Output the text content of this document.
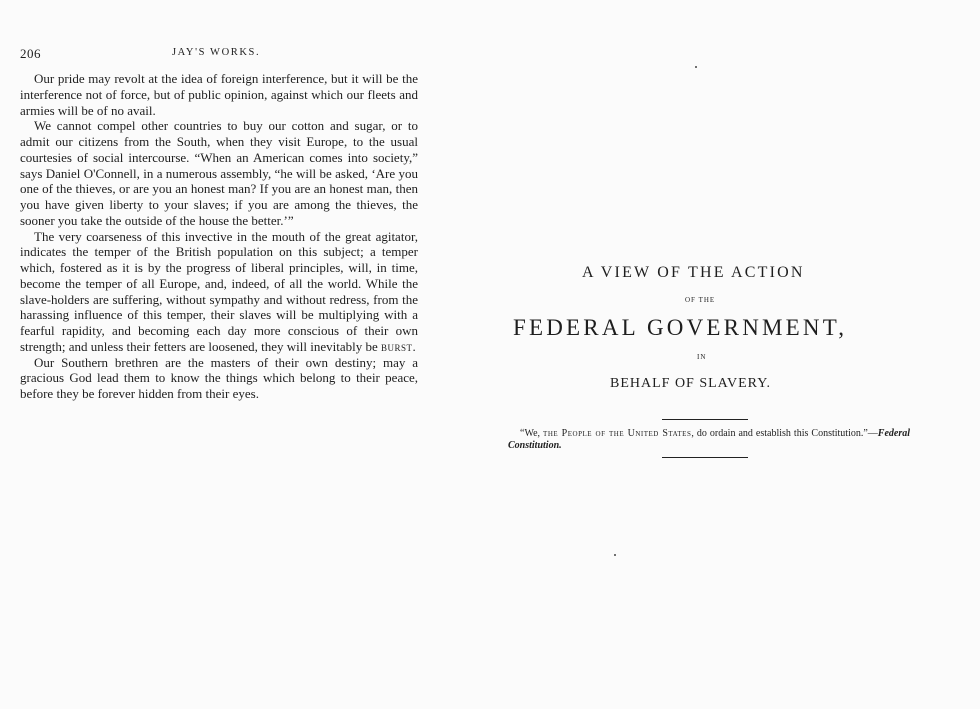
206	JAY'S WORKS.

Our pride may revolt at the idea of foreign interference, but it will be the interference not of force, but of public opinion, against which our fleets and armies will be of no avail.

We cannot compel other countries to buy our cotton and sugar, or to admit our citizens from the South, when they visit Europe, to the usual courtesies of social intercourse. “When an American comes into society,” says Daniel O'Connell, in a numerous assembly, “he will be asked, ‘Are you one of the thieves, or are you an honest man? If you are an honest man, then you have given liberty to your slaves; if you are among the thieves, the sooner you take the outside of the house the better.’”

The very coarseness of this invective in the mouth of the great agitator, indicates the temper of the British population on this subject; a temper which, fostered as it is by the progress of liberal principles, will, in time, become the temper of all Europe, and, indeed, of all the world. While the slave-holders are suffering, without sympathy and without redress, from the harassing influence of this temper, their slaves will be multiplying with a fearful rapidity, and becoming each day more conscious of their own strength; and unless their fetters are loosened, they will inevitably be burst.

Our Southern brethren are the masters of their own destiny; may a gracious God lead them to know the things which belong to their peace, before they be forever hidden from their eyes.

A VIEW OF THE ACTION
OF THE
FEDERAL GOVERNMENT,
IN
BEHALF OF SLAVERY.
“We, the People of the United States, do ordain and establish this Constitution.”—Federal Constitution.
